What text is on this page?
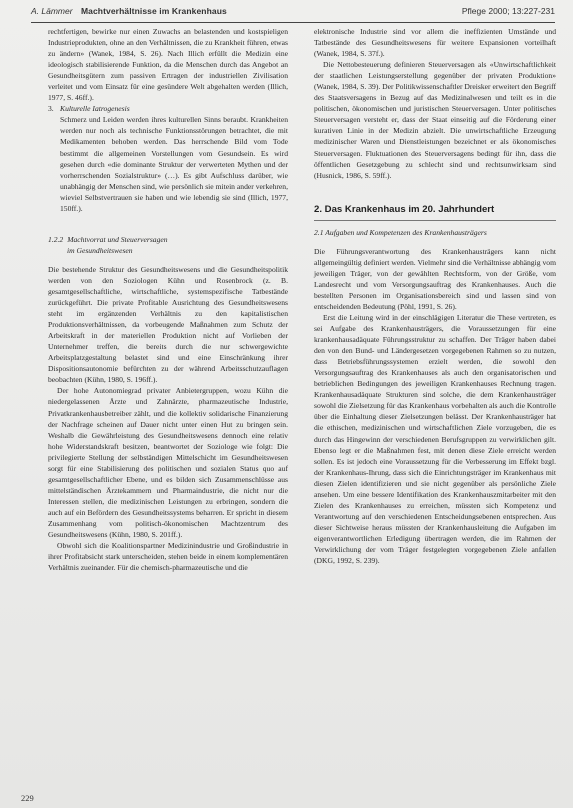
A. Lämmer Machtverhältnisse im Krankenhaus	Pflege 2000; 13:227-231

rechtfertigen, bewirke nur einen Zuwachs an belastenden und kostspieligen Industrieprodukten, ohne an den Verhältnissen, die zu Krankheit führen, etwas zu ändern» (Wanek, 1984, S. 26). Nach Illich erfüllt die Medizin eine ideologisch stabilisierende Funktion, da die Menschen durch das Angebot an Gesundheitsgütern zum passiven Ertragen der industriellen Zivilisation verleitet und vom Einsatz für eine gesündere Welt abgehalten werden (Illich, 1977, S. 46ff.).

3. Kulturelle Iatrogenesis
Schmerz und Leiden werden ihres kulturellen Sinns beraubt. Krankheiten werden nur noch als technische Funktionsstörungen betrachtet, die mit Medikamenten behoben werden. Das herrschende Bild vom Tode bestimmt die allgemeinen Vorstellungen vom Gesundsein. Es wird gesehen durch «die dominante Struktur der verwerteten Mythen und der vorherrschenden Sozialstruktur» (…). Es gibt Aufschluss darüber, wie unabhängig der Menschen sind, wie persönlich sie mitein ander verkehren, wieviel Selbstvertrauen sie haben und wie lebendig sie sind (Illich, 1977, 150ff.).
1.2.2 Machtvorrat und Steuerversagen
im Gesundheitswesen

Die bestehende Struktur des Gesundheitswesens und die Gesundheitspolitik werden von den Soziologen Kühn und Rosenbrock (z. B. gesamtgesellschaftliche, wirtschaftliche, systemspezifische Tatbestände zurückgeführt. Die private Profitable Ausrichtung des Gesundheitswesens steht im ergänzenden Verhältnis zu den kapitalistischen Produktionsverhältnissen, da vorbeugende Maßnahmen zum Schutz der Arbeitskraft in der materiellen Produktion nicht auf Vorlieben der Unternehmer treffen, die bereits durch die nur schwergewichte Arbeitsplatzgestaltung belastet sind und eine Einschränkung ihrer Dispositionsautonomie befürchten zu der während Arbeitsschutzauflagen beobachten (Kühn, 1980, S. 196ff.).

Der hohe Autonomiegrad privater Anbietergruppen, wozu Kühn die niedergelassenen Ärzte und Zahnärzte, pharmazeutische Industrie, Privatkrankenhausbetreiber zählt, und die kollektiv solidarische Finanzierung der Nachfrage scheinen auf Dauer nicht unter einen Hut zu bringen sein. Weshalb die Gewährleistung des Gesundheitswesens dennoch eine relativ hohe Widerstandskraft besitzen, beantwortet der Soziologe wie folgt: Die privilegierte Stellung der selbständigen Mittelschicht im Gesundheitswesen sorgt für eine Stabilisierung des politischen und sozialen Status quo auf gesamtgesellschaftlicher Ebene, und es bilden sich Zusammenschlüsse aus mittelständischen Ärztekammern und Pharmaindustrie, die nicht nur die Interessen stellen, die medizinischen Leistungen zu erbringen, sondern die auch auf ein Befördern des Gesundheitssystems beharren. Er spricht in diesem Zusammenhang vom politisch-ökonomischen Machtzentrum des Gesundheitswesens (Kühn, 1980, S. 201ff.).

Obwohl sich die Koalitionspartner Medizinindustrie und Großindustrie in ihrer Profitabsicht stark unterscheiden, stehen beide in einem komplementären Verhältnis zueinander. Für die chemisch-pharmazeutische und die

elektronische Industrie sind vor allem die ineffizienten Umstände und Tatbestände des Gesundheitswesens für weitere Expansionen vorteilhaft (Wanek, 1984, S. 37f.).

Die Nettobesteuerung definieren Steuerversagen als «Unwirtschaftlichkeit der staatlichen Leistungserstellung gegenüber der privaten Produktion» (Wanek, 1984, S. 39). Der Politikwissenschaftler Dreisker erweitert den Begriff des Staatsversagens in Bezug auf das Medizinalwesen und teilt es in die politischen, ökonomischen und juristischen Steuerversagen. Unter politisches Steuerversagen versteht er, dass der Staat einseitig auf die Förderung einer kurativen Linie in der Medizin abzielt. Die unwirtschaftliche Erzeugung medizinischer Waren und Dienstleistungen bezeichnet er als ökonomisches Steuerversagen. Fluktuationen des Steuerversagens bedingt für ihn, dass die öffentlichen Gesetzgebung zu schlecht sind und rechtsunwirksam sind (Husnick, 1986, S. 59ff.).

2. Das Krankenhaus im 20. Jahrhundert
2.1 Aufgaben und Kompetenzen des Krankenhausträgers

Die Führungsverantwortung des Krankenhausträgers kann nicht allgemeingültig definiert werden. Vielmehr sind die Verhältnisse abhängig vom jeweiligen Träger, von der gewählten Rechtsform, von der Größe, vom Landesrecht und vom Versorgungsauftrag des Krankenhauses. Auch die bestellten Personen im Organisationsbereich sind und lassen sind von entscheidenden Bedeutung (Pöhl, 1991, S. 26).

Erst die Leitung wird in der einschlägigen Literatur die These vertreten, es sei Aufgabe des Krankenhausträgers, die Voraussetzungen für eine krankenhausadäquate Führungsstruktur zu schaffen. Der Träger haben dabei den von den Bund- und Ländergesetzen vorgegebenen Rahmen so zu nutzen, dass Betriebsführungssystemen erzielt werden, die sowohl den Versorgungsauftrag des Krankenhauses als auch den organisatorischen und betrieblichen Bedingungen des jeweiligen Krankenhauses Rechnung tragen. Krankenhausadäquate Strukturen sind solche, die dem Krankenhausträger sowohl die Zielsetzung für das Krankenhaus vorbehalten als auch die Kontrolle über die Einhaltung dieser Zielsetzungen belässt. Der Krankenhausträger hat die ethischen, medizinischen und wirtschaftlichen Ziele vorzugeben, die es durch das Hingewinn der verschiedenen Berufsgruppen zu verwirklichen gilt. Ebenso legt er die Maßnahmen fest, mit denen diese Ziele erreicht werden sollen. Es ist jedoch eine Voraussetzung für die Verbesserung im Effekt bzgl. der Krankenhaus-Ihrung, dass sich die Einrichtungsträger im Krankenhaus mit diesen Zielen identifizieren und sie nicht gegenüber als persönliche Ziele ansehen. Um eine bessere Identifikation des Krankenhauszmitarbeiter mit den Zielen des Krankenhauses zu erreichen, müssten sich Kompetenz und Verantwortung auf den verschiedenen Entscheidungsebenen entsprechen. Aus dieser Sichtweise heraus müssten der Krankenhausleitung die Aufgaben im eigenverantwortlichen Erledigung übertragen werden, die im Rahmen der Verwirklichung der vom Träger festgelegten vorgegebenen Ziele anfallen (DKG, 1992, S. 239).

229
